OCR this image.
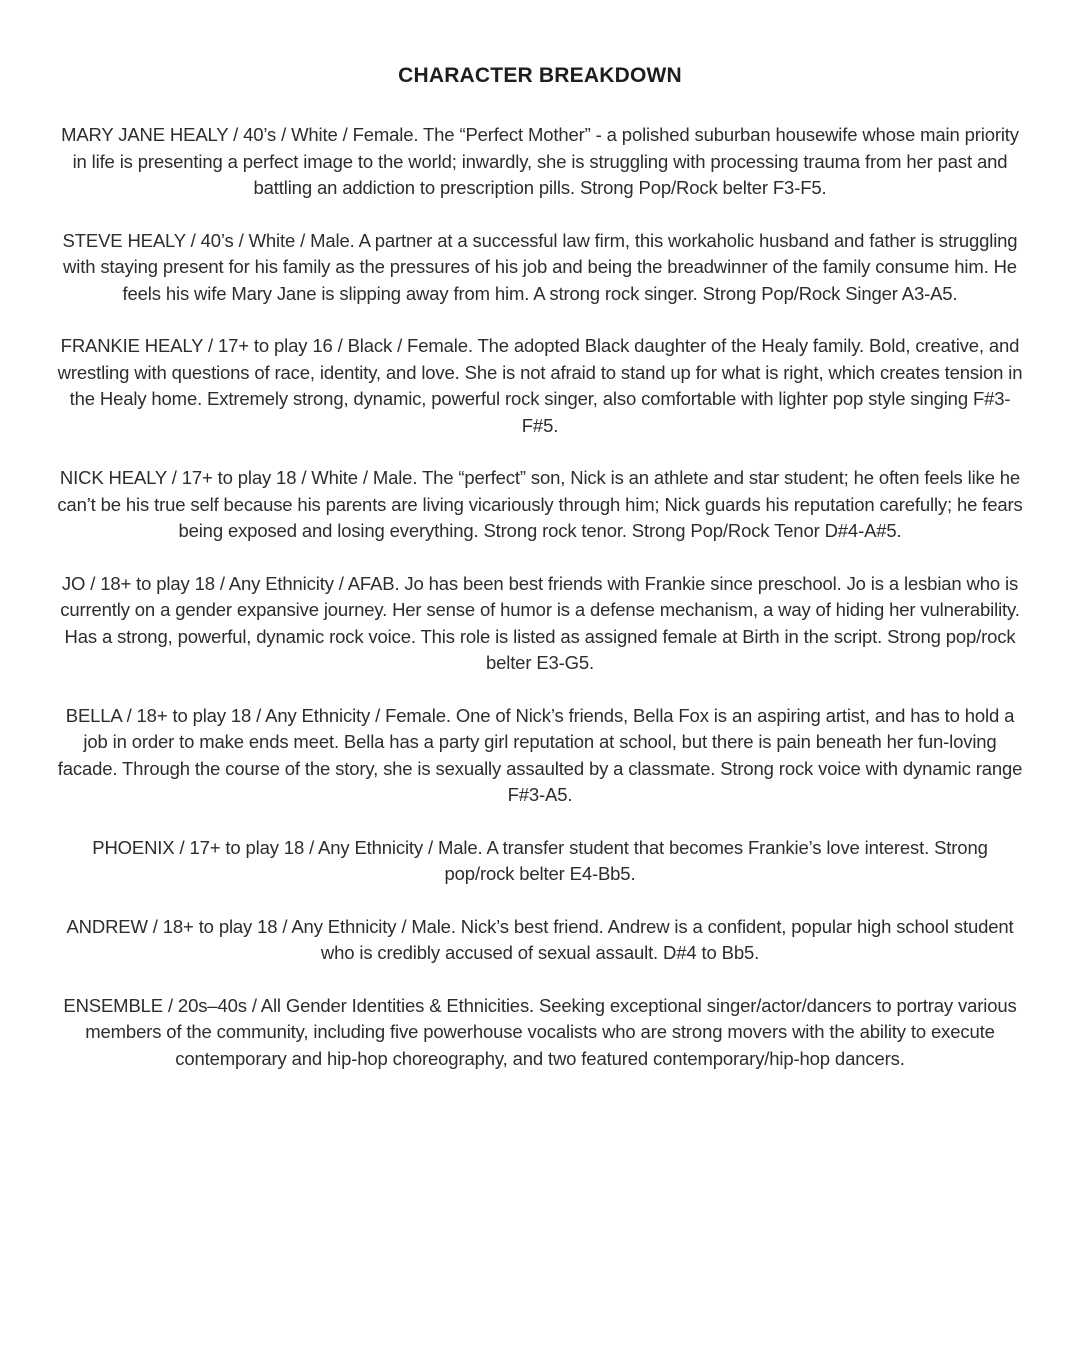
CHARACTER BREAKDOWN

MARY JANE HEALY / 40’s / White / Female. The “Perfect Mother” - a polished suburban housewife whose main priority in life is presenting a perfect image to the world; inwardly, she is struggling with processing trauma from her past and battling an addiction to prescription pills. Strong Pop/Rock belter F3-F5.

STEVE HEALY / 40’s / White / Male. A partner at a successful law firm, this workaholic husband and father is struggling with staying present for his family as the pressures of his job and being the breadwinner of the family consume him. He feels his wife Mary Jane is slipping away from him. A strong rock singer. Strong Pop/Rock Singer A3-A5.

FRANKIE HEALY / 17+ to play 16 / Black / Female. The adopted Black daughter of the Healy family. Bold, creative, and wrestling with questions of race, identity, and love. She is not afraid to stand up for what is right, which creates tension in the Healy home. Extremely strong, dynamic, powerful rock singer, also comfortable with lighter pop style singing F#3-F#5.

NICK HEALY / 17+ to play 18 / White / Male. The “perfect” son, Nick is an athlete and star student; he often feels like he can’t be his true self because his parents are living vicariously through him; Nick guards his reputation carefully; he fears being exposed and losing everything. Strong rock tenor. Strong Pop/Rock Tenor D#4-A#5.

JO / 18+ to play 18 / Any Ethnicity / AFAB. Jo has been best friends with Frankie since preschool. Jo is a lesbian who is currently on a gender expansive journey. Her sense of humor is a defense mechanism, a way of hiding her vulnerability. Has a strong, powerful, dynamic rock voice. This role is listed as assigned female at Birth in the script. Strong pop/rock belter E3-G5.

BELLA / 18+ to play 18 / Any Ethnicity / Female. One of Nick’s friends, Bella Fox is an aspiring artist, and has to hold a job in order to make ends meet. Bella has a party girl reputation at school, but there is pain beneath her fun-loving facade. Through the course of the story, she is sexually assaulted by a classmate. Strong rock voice with dynamic range F#3-A5.

PHOENIX / 17+ to play 18 / Any Ethnicity / Male. A transfer student that becomes Frankie’s love interest. Strong pop/rock belter E4-Bb5.

ANDREW / 18+ to play 18 / Any Ethnicity / Male. Nick’s best friend. Andrew is a confident, popular high school student who is credibly accused of sexual assault. D#4 to Bb5.

ENSEMBLE / 20s–40s / All Gender Identities & Ethnicities. Seeking exceptional singer/actor/dancers to portray various members of the community, including five powerhouse vocalists who are strong movers with the ability to execute contemporary and hip-hop choreography, and two featured contemporary/hip-hop dancers.
